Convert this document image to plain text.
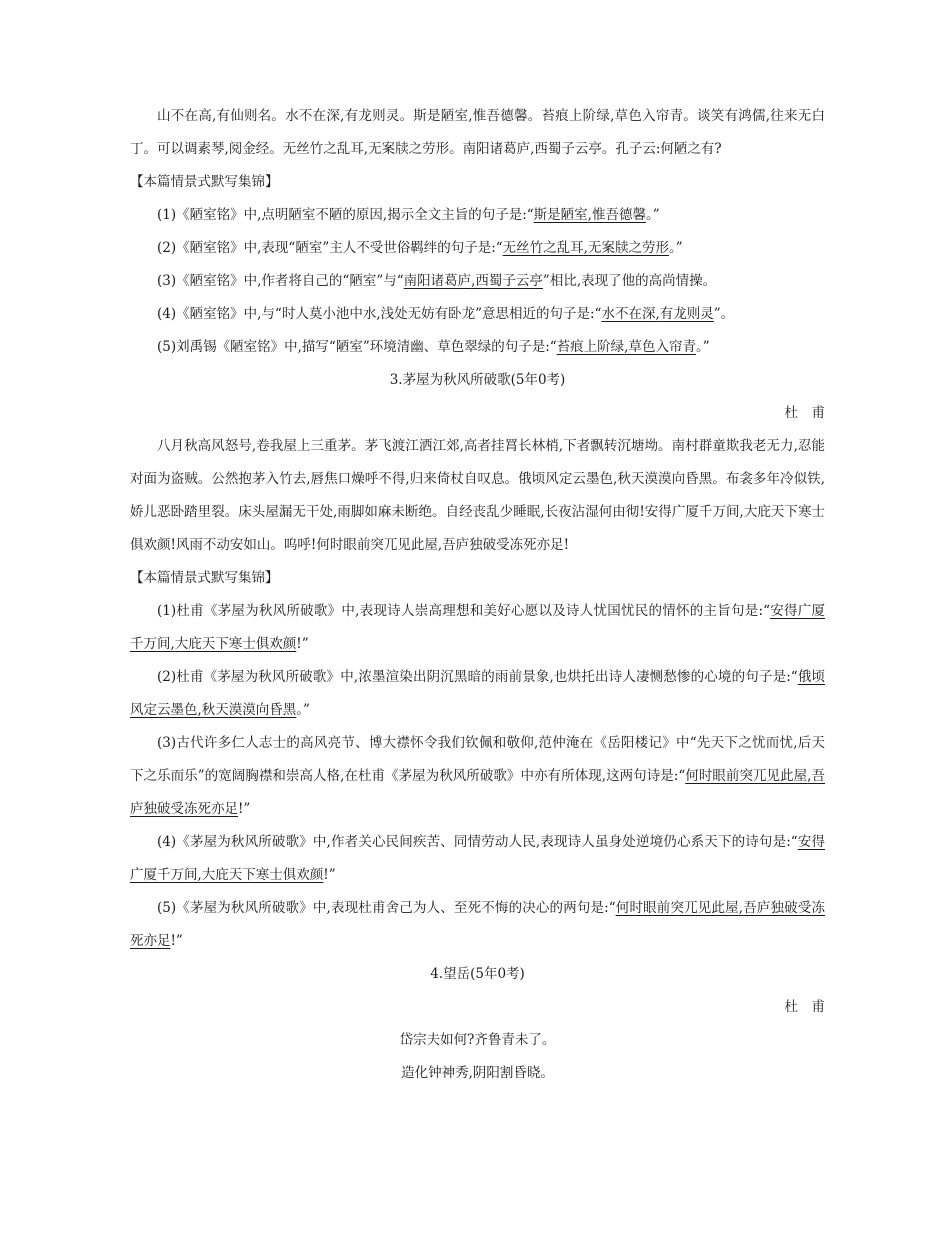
山不在高,有仙则名。水不在深,有龙则灵。斯是陋室,惟吾德馨。苔痕上阶绿,草色入帘青。谈笑有鸿儒,往来无白丁。可以调素琴,阅金经。无丝竹之乱耳,无案牍之劳形。南阳诸葛庐,西蜀子云亭。孔子云:何陋之有?

【本篇情景式默写集锦】

(1)《陋室铭》中,点明陋室不陋的原因,揭示全文主旨的句子是:“斯是陋室,惟吾德馨。”

(2)《陋室铭》中,表现“陋室”主人不受世俗羁绊的句子是:“无丝竹之乱耳,无案牍之劳形。”

(3)《陋室铭》中,作者将自己的“陋室”与“南阳诸葛庐,西蜀子云亭”相比,表现了他的高尚情操。

(4)《陋室铭》中,与“时人莫小池中水,浅处无妨有卧龙”意思相近的句子是:“水不在深,有龙则灵”。

(5)刘禹锡《陋室铭》中,描写“陋室”环境清幽、草色翠绿的句子是:“苔痕上阶绿,草色入帘青。”

3.茅屋为秋风所破歌(5年0考)

杜甫

八月秋高风怒号,卷我屋上三重茅。茅飞渡江洒江郊,高者挂罥长林梢,下者飘转沉塘坳。南村群童欺我老无力,忍能对面为盗贼。公然抱茅入竹去,唇焦口燥呼不得,归来倚杖自叹息。俄顷风定云墨色,秋天漠漠向昏黑。布衾多年冷似铁,娇儿恶卧踏里裂。床头屋漏无干处,雨脚如麻未断绝。自经丧乱少睡眠,长夜沾湿何由彻!安得广厦千万间,大庇天下寒士俱欢颜!风雨不动安如山。呜呼!何时眼前突兀见此屋,吾庐独破受冻死亦足!

【本篇情景式默写集锦】

(1)杜甫《茅屋为秋风所破歌》中,表现诗人崇高理想和美好心愿以及诗人忧国忧民的情怀的主旨句是:“安得广厦千万间,大庇天下寒士俱欢颜!”

(2)杜甫《茅屋为秋风所破歌》中,浓墨渲染出阴沉黑暗的雨前景象,也烘托出诗人凄恻愁惨的心境的句子是:“俄顷风定云墨色,秋天漠漠向昏黑。”

(3)古代许多仁人志士的高风亮节、博大襟怀令我们钦佩和敬仰,范仲淹在《岳阳楼记》中“先天下之忧而忧,后天下之乐而乐”的宽阔胸襟和崇高人格,在杜甫《茅屋为秋风所破歌》中亦有所体现,这两句诗是:“何时眼前突兀见此屋,吾庐独破受冻死亦足!”

(4)《茅屋为秋风所破歌》中,作者关心民间疾苦、同情劳动人民,表现诗人虽身处逆境仍心系天下的诗句是:“安得广厦千万间,大庇天下寒士俱欢颜!”

(5)《茅屋为秋风所破歌》中,表现杜甫舍己为人、至死不悔的决心的两句是:“何时眼前突兀见此屋,吾庐独破受冻死亦足!”

4.望岳(5年0考)

杜甫

岱宗夫如何?齐鲁青未了。

造化钟神秀,阴阳割昏晓。
